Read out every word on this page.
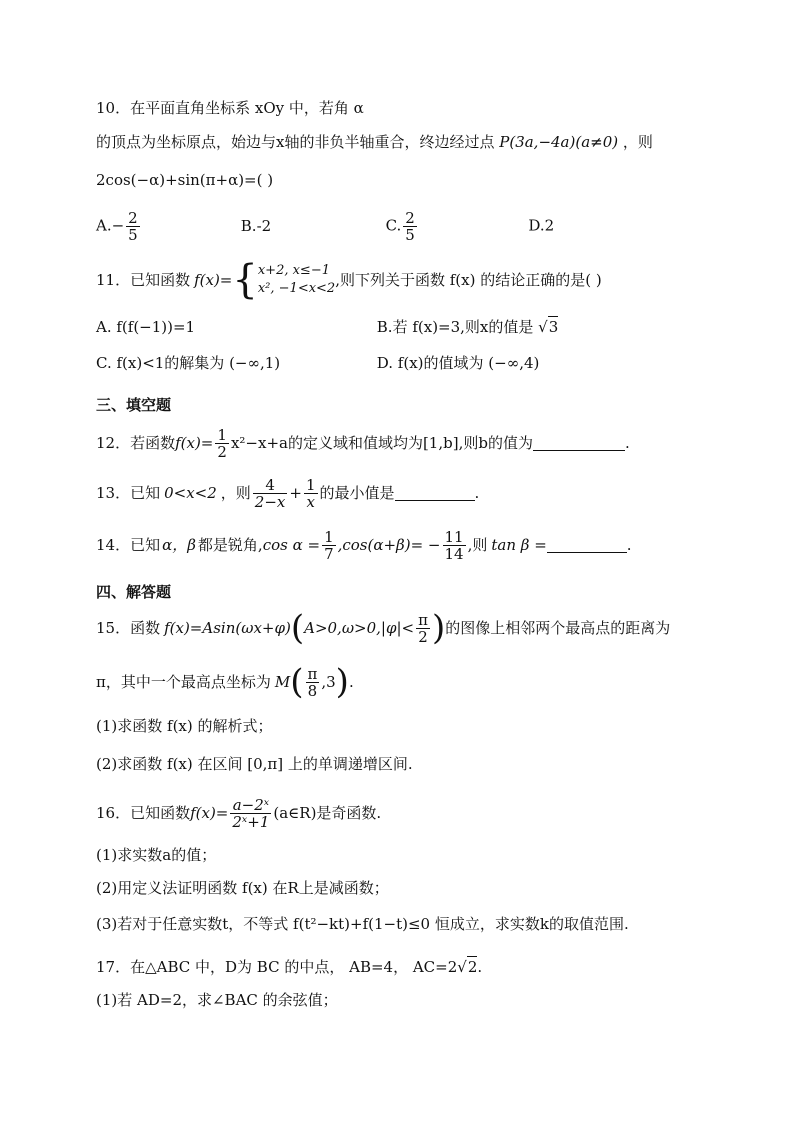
10．在平面直角坐标系 xOy 中，若角 α
的顶点为坐标原点，始边与x轴的非负半轴重合，终边经过点 P(3a,−4a)(a≠0) ，则
2cos(−α)+sin(π+α)=( )
$A.- \frac{2}{5}$	B.-2	C. $\frac{2}{5}$	D.2
11．已知函数 f(x)= { x+2, x≤−1
x², −1<x<2 ,则下列关于函数 f(x) 的结论正确的是( )
A. f(f(−1))=1	B.若 f(x)=3,则x的值是 √3
C. f(x)<1的解集为 (−∞,1)	D. f(x)的值域为 (−∞,4)
三、填空题
12．若函数 $f(x)= \frac{1}{2} x^2-x+a$的定义域和值域均为 [1,b] ,则b的值为	.
13．已知 0<x<2 ，则 $\frac{4}{2-x} + \frac{1}{x}$ 的最小值是	.
14．已知 α，β 都是锐角, $\cos \alpha = \frac{1}{7} ,\cos(\alpha+\beta)= - \frac{11}{14}$ ,则 tan β =	.
四、解答题
15．函数 f(x)=Asin(ωx+φ) ( $A>0,\omega>0,|\varphi|< \frac{\pi}{2}$ ) 的图像上相邻两个最高点的距离为
π，其中一个最高点坐标为 M ( $\frac{\pi}{8} ,3$ ) .
(1)求函数 f(x) 的解析式；
(2)求函数 f(x) 在区间 [0,π] 上的单调递增区间.
16．已知函数 $f(x)= \frac{\text{a−2ˣ}}{\text{2ˣ+1}}$ (a∈R)是奇函数.
(1)求实数a的值；
(2)用定义法证明函数 f(x) 在R上是减函数；
(3)若对于任意实数t，不等式 f(t²−kt)+f(1−t)≤0 恒成立，求实数k的取值范围.
17．在△ABC 中，D为 BC 的中点， AB=4， AC=2√2.
(1)若 AD=2，求∠BAC 的余弦值；
